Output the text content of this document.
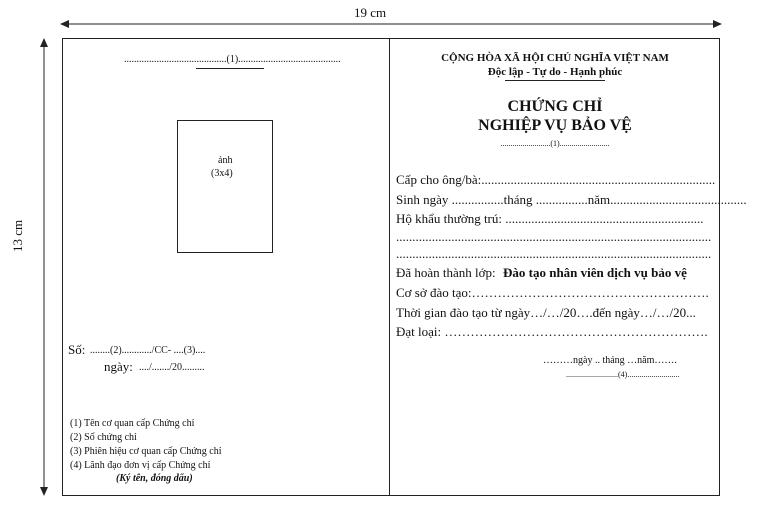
19 cm
13 cm
.........................................(1).........................................
ảnh
(3x4)
Số: ........(2)............/CC- ....(3)....
ngày: ..../......./20.........
(1) Tên cơ quan cấp Chứng chỉ
(2) Số chứng chỉ
(3) Phiên hiệu cơ quan cấp Chứng chỉ
(4) Lãnh đạo đơn vị cấp Chứng chỉ
(Ký tên, đóng dấu)
CỘNG HÒA XÃ HỘI CHỦ NGHĨA VIỆT NAM
Độc lập - Tự do - Hạnh phúc
CHỨNG CHỈ
NGHIỆP VỤ BẢO VỆ
.........................(1).........................
Cấp cho ông/bà:........................................................................
Sinh ngày ................tháng ................năm..........................................
Hộ khẩu thường trú: .............................................................
.................................................................................................
.................................................................................................
Đã hoàn thành lớp: Đào tạo nhân viên dịch vụ bảo vệ
Cơ sở đào tạo:……………………………………………….
Thời gian đào tạo từ ngày…/…/20….đến ngày…/…/20...
Đạt loại: …………………………………………………….
………ngày .. tháng …năm…….
..........................(4)..........................
